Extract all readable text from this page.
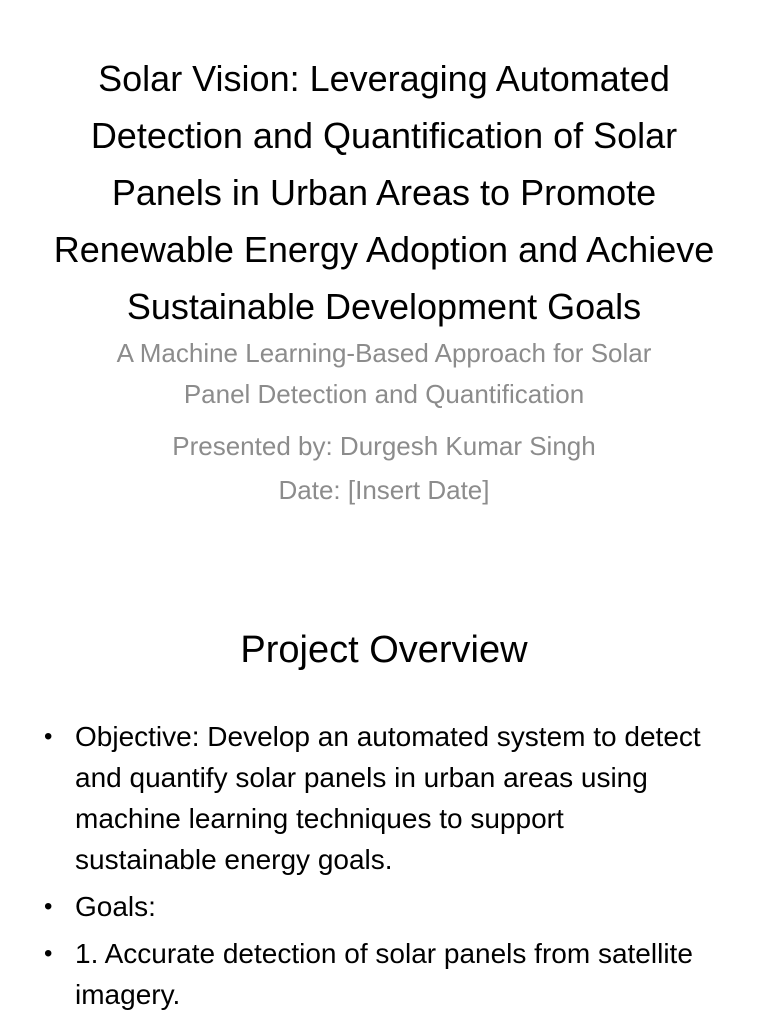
Solar Vision: Leveraging Automated Detection and Quantification of Solar Panels in Urban Areas to Promote Renewable Energy Adoption and Achieve Sustainable Development Goals
A Machine Learning-Based Approach for Solar Panel Detection and Quantification
Presented by: Durgesh Kumar Singh
Date: [Insert Date]
Project Overview
• Objective: Develop an automated system to detect and quantify solar panels in urban areas using machine learning techniques to support sustainable energy goals.
• Goals:
• 1. Accurate detection of solar panels from satellite imagery.
